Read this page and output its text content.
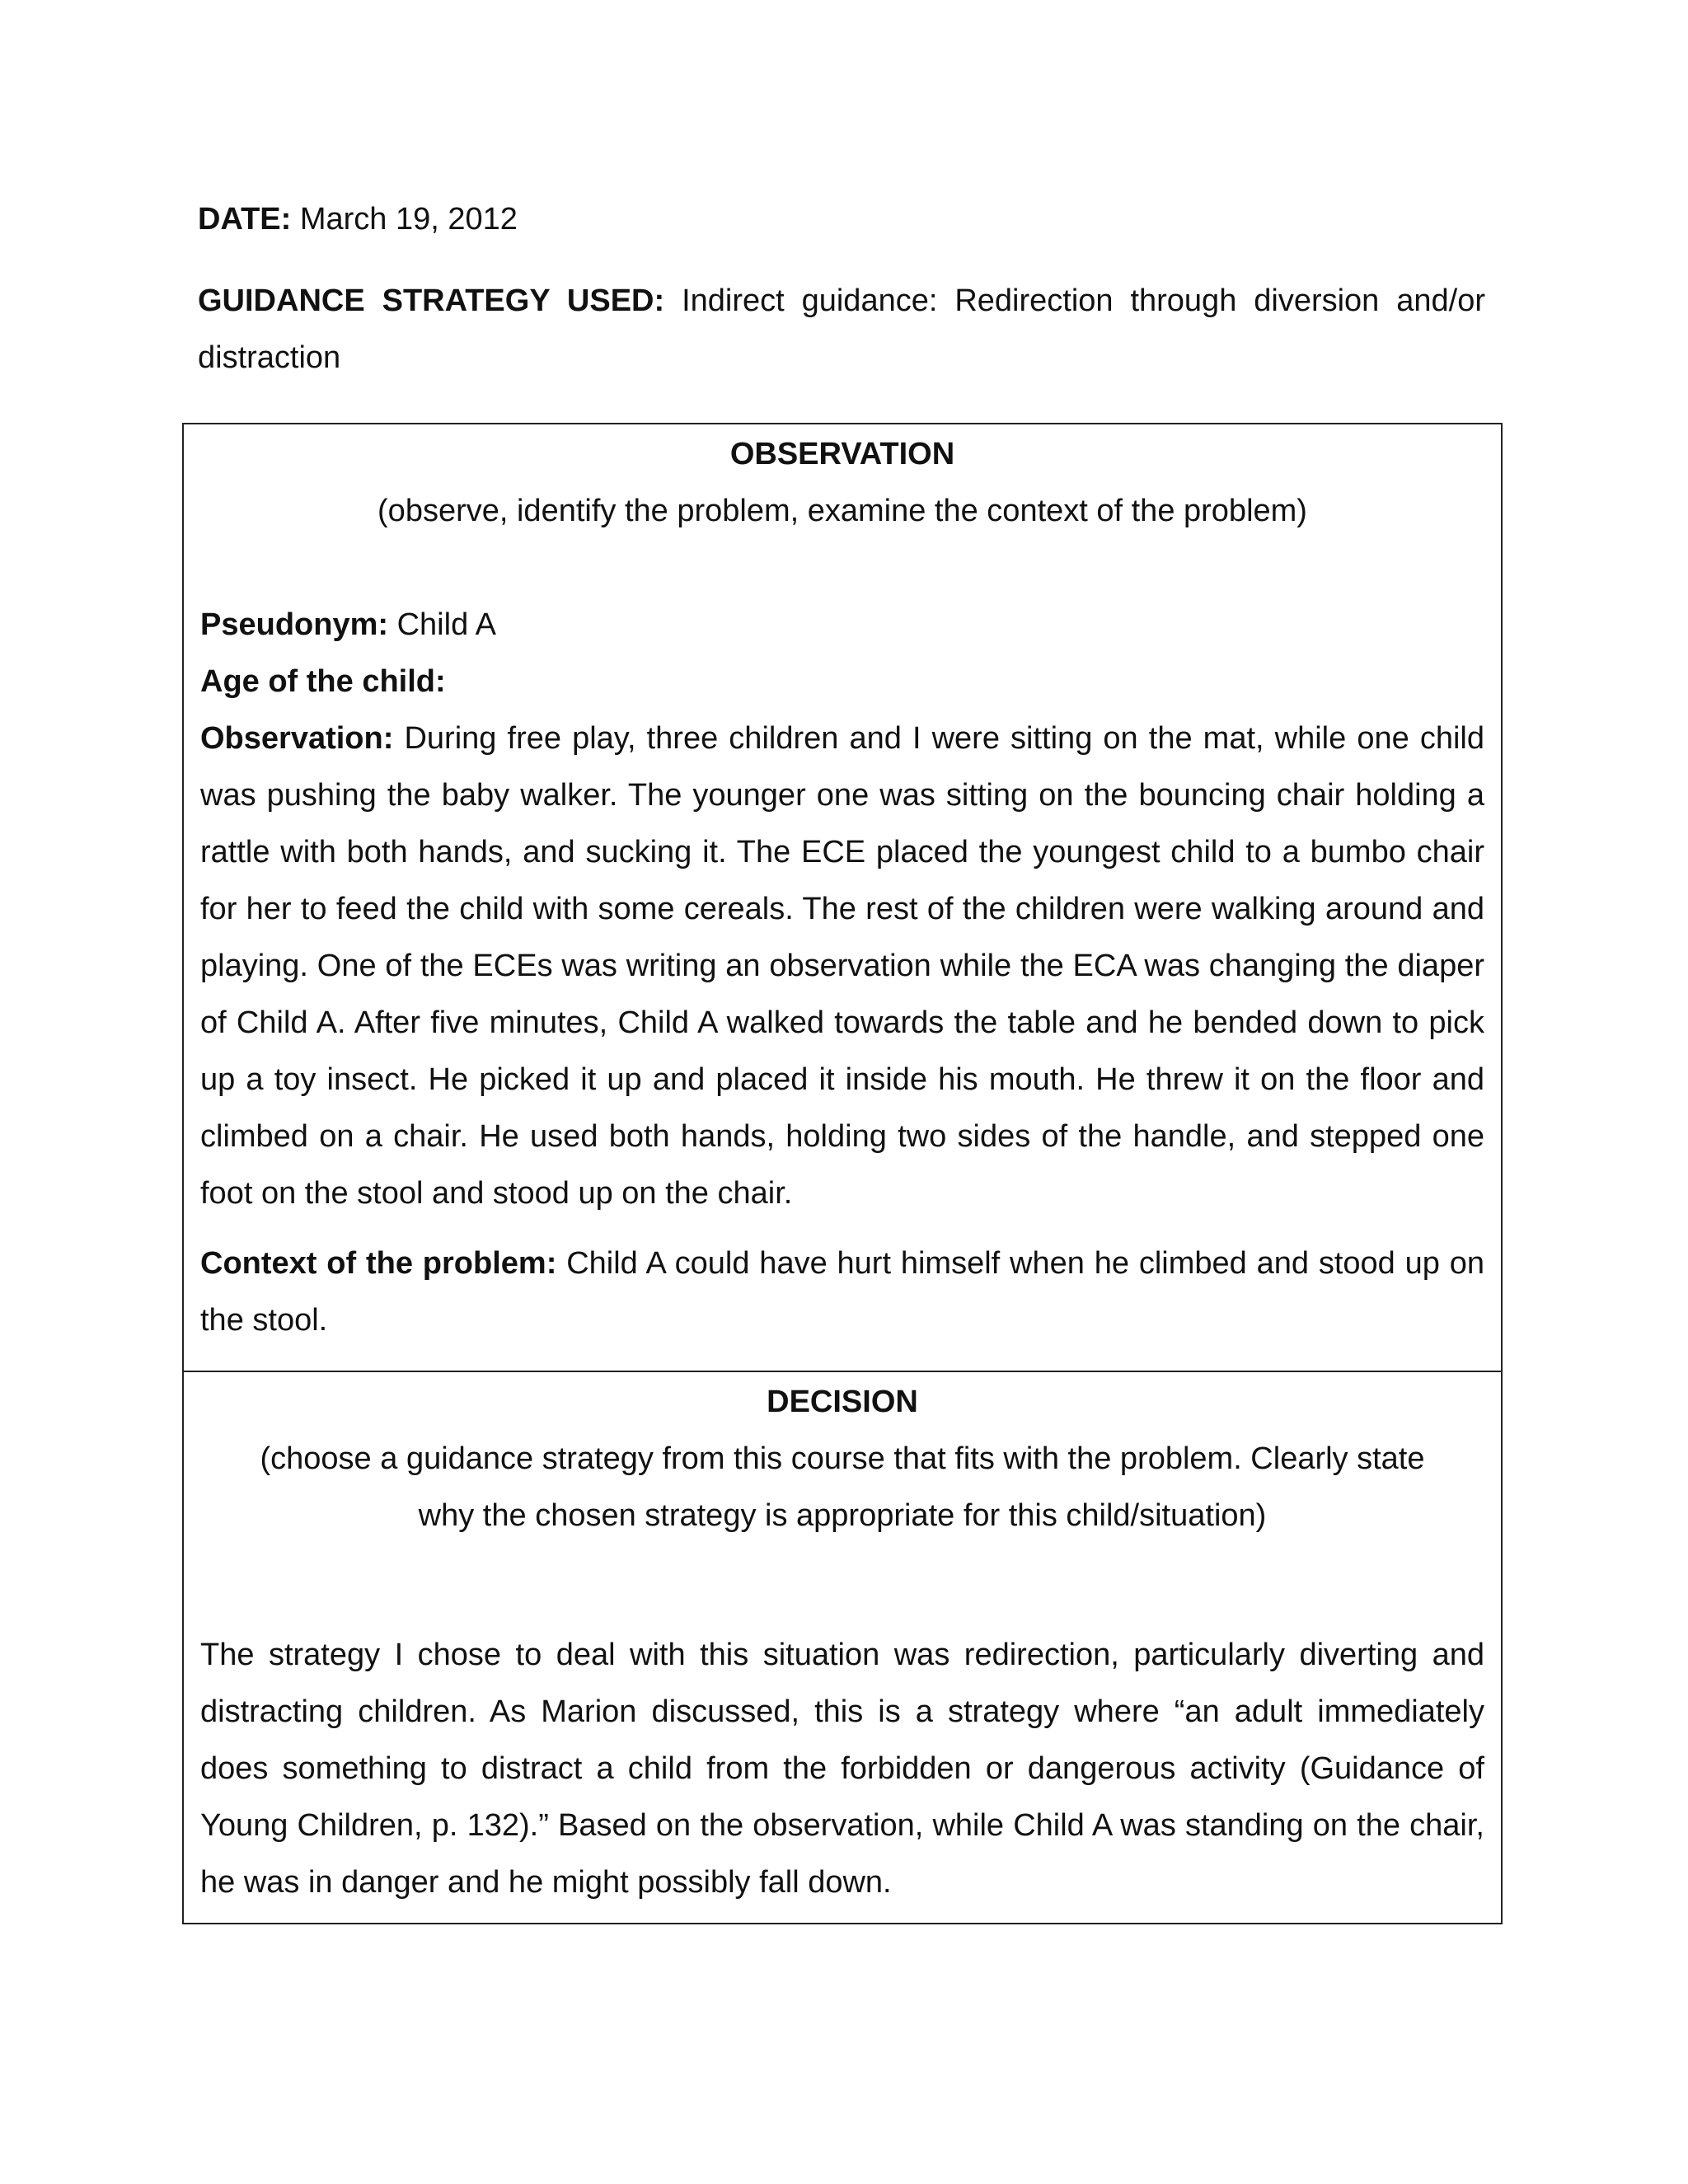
DATE: March 19, 2012

GUIDANCE STRATEGY USED: Indirect guidance: Redirection through diversion and/or distraction

OBSERVATION

(observe, identify the problem, examine the context of the problem)

Pseudonym: Child A

Age of the child:

Observation: During free play, three children and I were sitting on the mat, while one child was pushing the baby walker. The younger one was sitting on the bouncing chair holding a rattle with both hands, and sucking it. The ECE placed the youngest child to a bumbo chair for her to feed the child with some cereals. The rest of the children were walking around and playing. One of the ECEs was writing an observation while the ECA was changing the diaper of Child A. After five minutes, Child A walked towards the table and he bended down to pick up a toy insect. He picked it up and placed it inside his mouth. He threw it on the floor and climbed on a chair. He used both hands, holding two sides of the handle, and stepped one foot on the stool and stood up on the chair.

Context of the problem: Child A could have hurt himself when he climbed and stood up on the stool.

DECISION

(choose a guidance strategy from this course that fits with the problem. Clearly state why the chosen strategy is appropriate for this child/situation)

The strategy I chose to deal with this situation was redirection, particularly diverting and distracting children. As Marion discussed, this is a strategy where “an adult immediately does something to distract a child from the forbidden or dangerous activity (Guidance of Young Children, p. 132).” Based on the observation, while Child A was standing on the chair, he was in danger and he might possibly fall down.
